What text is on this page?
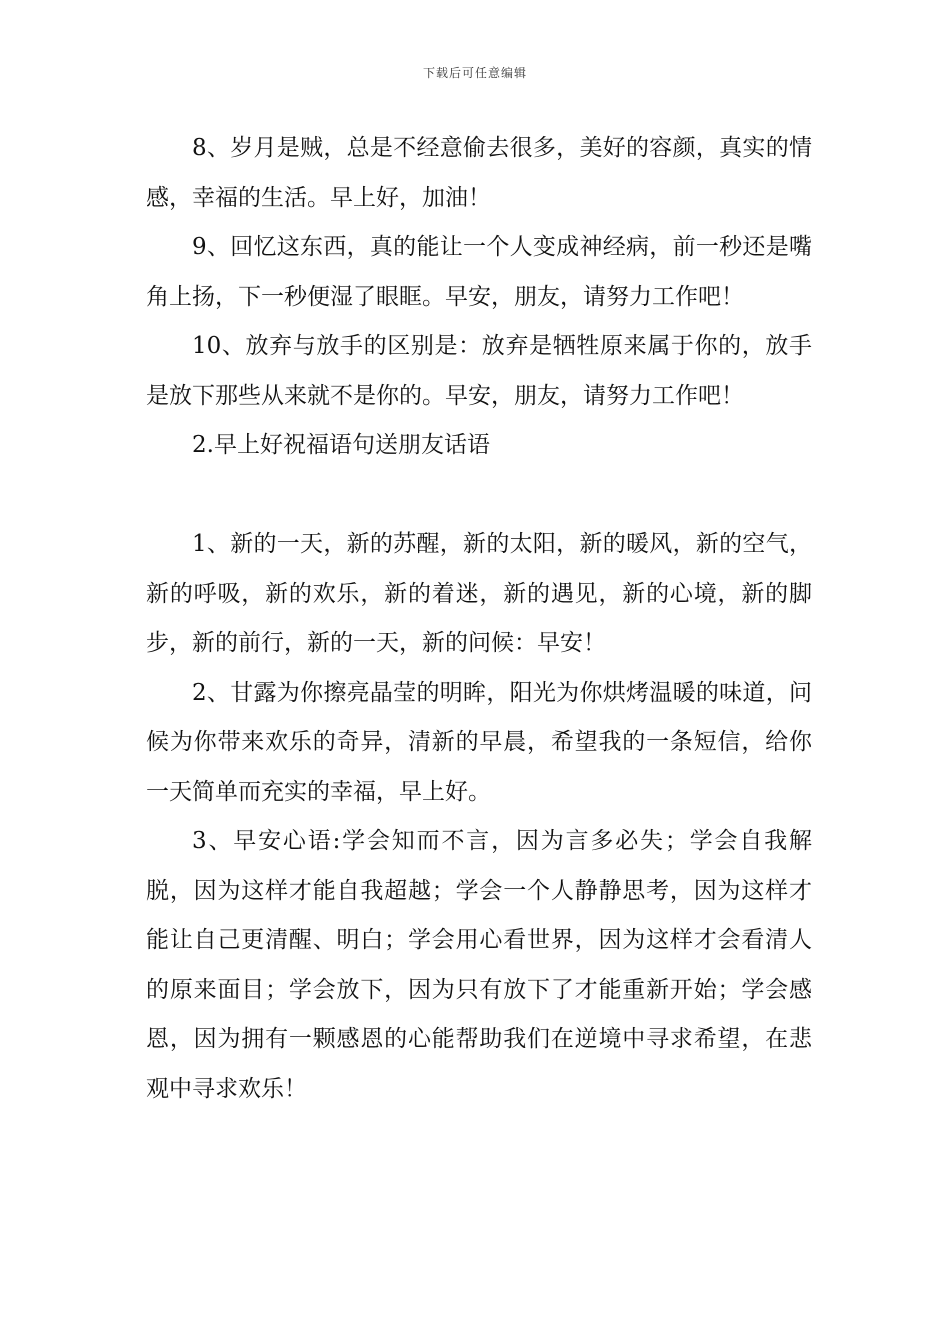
下载后可任意编辑

8、岁月是贼，总是不经意偷去很多，美好的容颜，真实的情感，幸福的生活。早上好，加油！

9、回忆这东西，真的能让一个人变成神经病，前一秒还是嘴角上扬，下一秒便湿了眼眶。早安，朋友，请努力工作吧！

10、放弃与放手的区别是：放弃是牺牲原来属于你的，放手是放下那些从来就不是你的。早安，朋友，请努力工作吧！

2.早上好祝福语句送朋友话语

1、新的一天，新的苏醒，新的太阳，新的暖风，新的空气，新的呼吸，新的欢乐，新的着迷，新的遇见，新的心境，新的脚步，新的前行，新的一天，新的问候：早安！

2、甘露为你擦亮晶莹的明眸，阳光为你烘烤温暖的味道，问候为你带来欢乐的奇异，清新的早晨，希望我的一条短信，给你一天简单而充实的幸福，早上好。

3、早安心语:学会知而不言，因为言多必失；学会自我解脱，因为这样才能自我超越；学会一个人静静思考，因为这样才能让自己更清醒、明白；学会用心看世界，因为这样才会看清人的原来面目；学会放下，因为只有放下了才能重新开始；学会感恩，因为拥有一颗感恩的心能帮助我们在逆境中寻求希望，在悲观中寻求欢乐！
